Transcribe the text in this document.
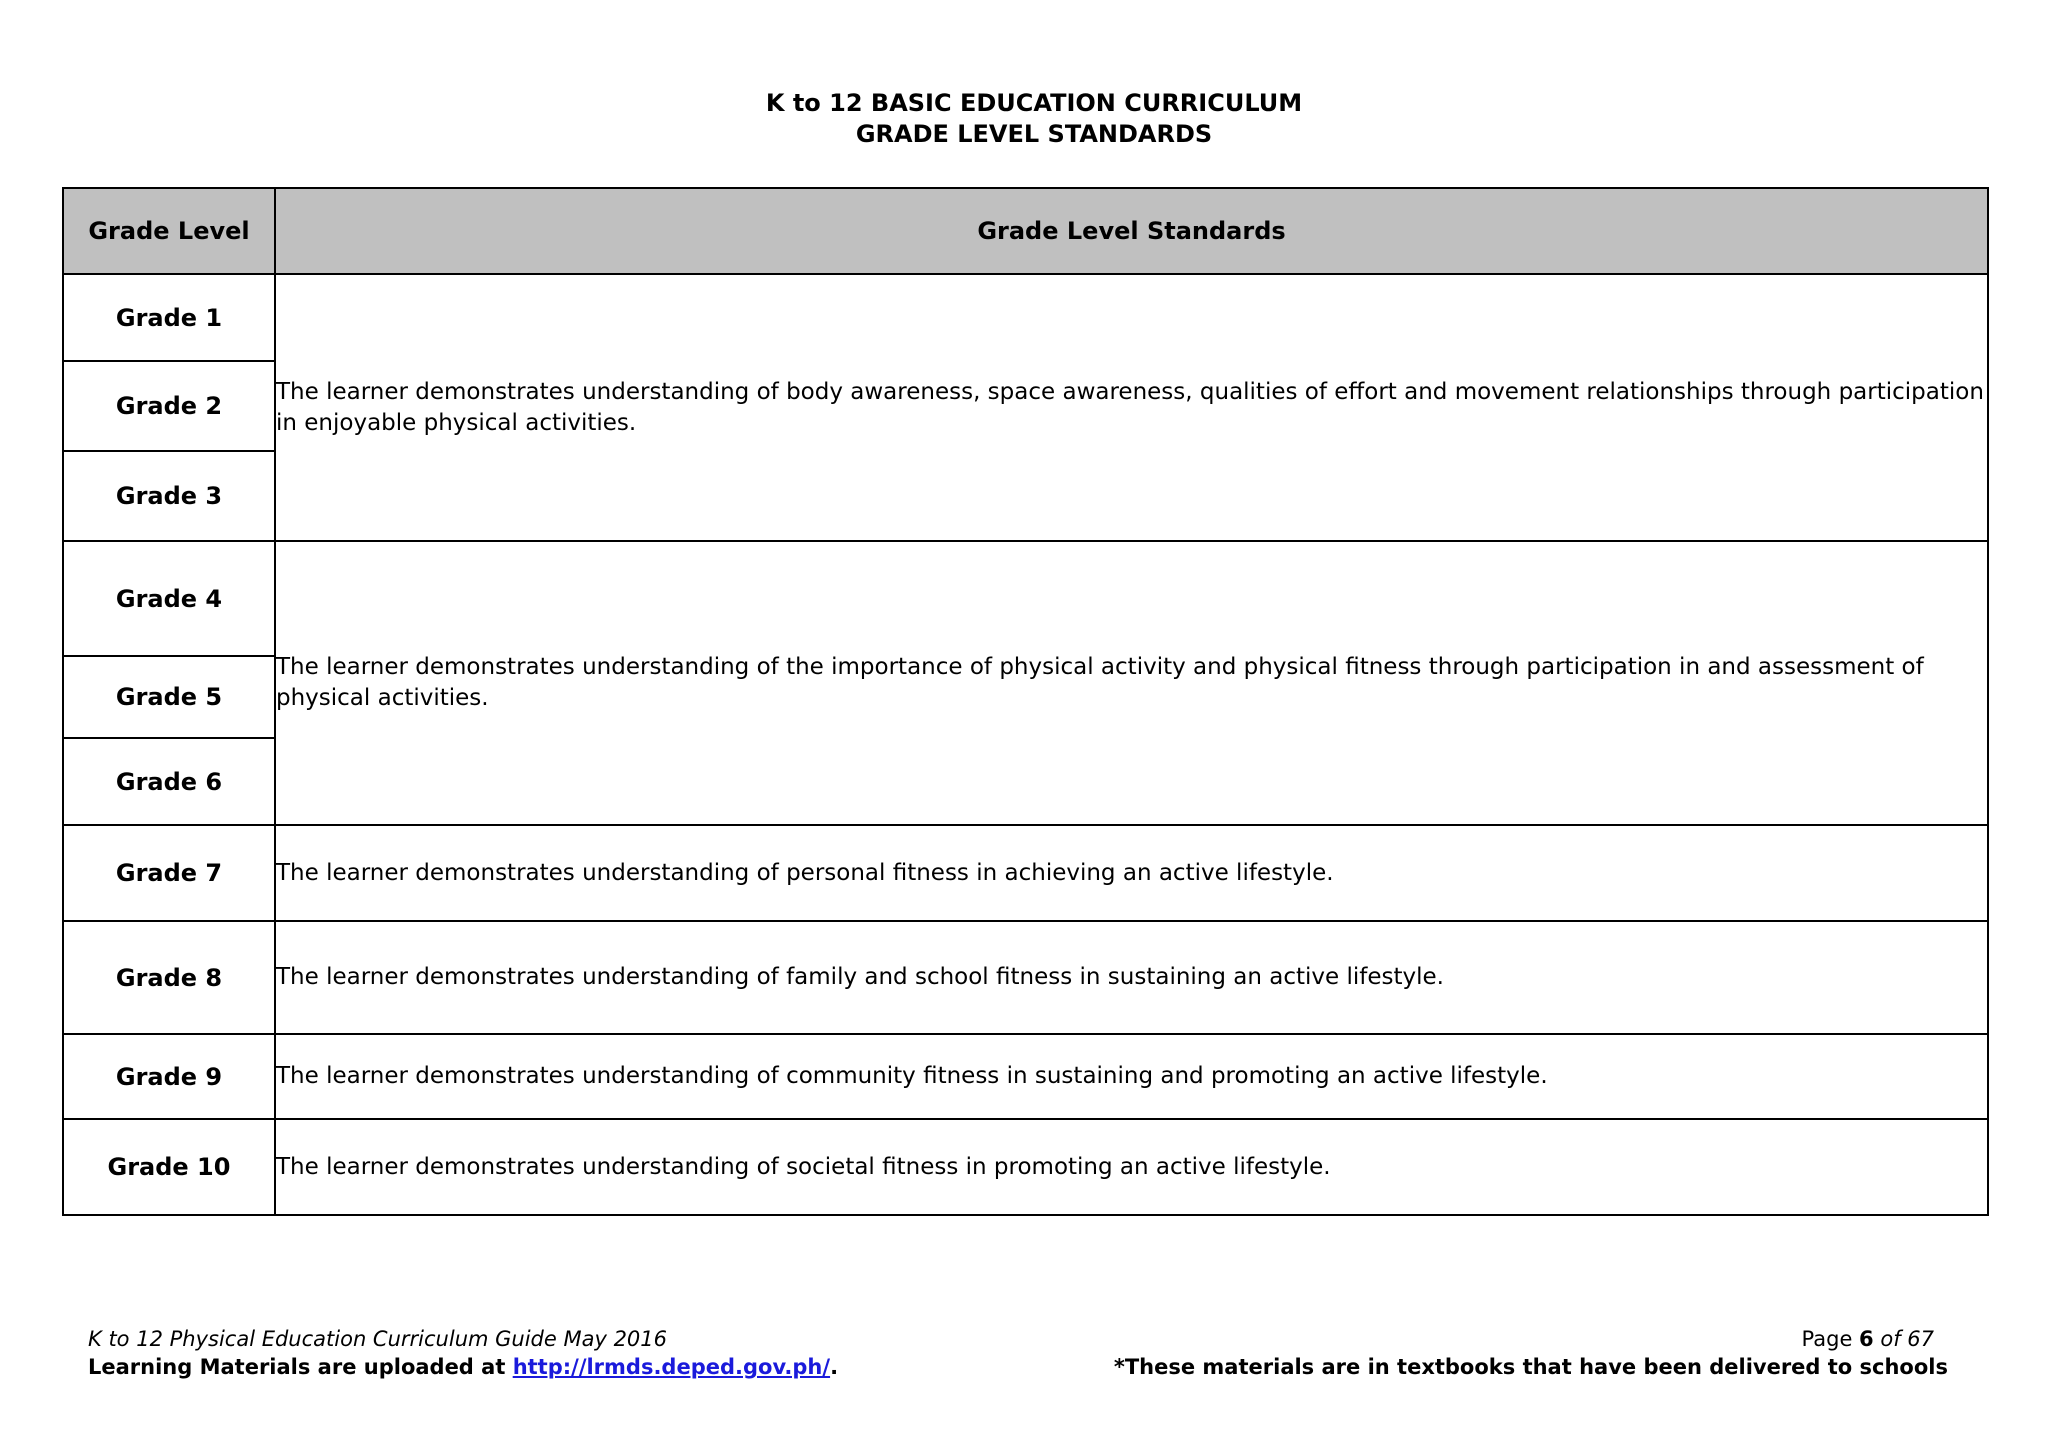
K to 12 BASIC EDUCATION CURRICULUM
GRADE LEVEL STANDARDS
Grade Level	Grade Level Standards
Grade 1	The learner demonstrates understanding of body awareness, space awareness, qualities of effort and movement relationships through participation in enjoyable physical activities.
Grade 2	
Grade 3	
Grade 4	The learner demonstrates understanding of the importance of physical activity and physical fitness through participation in and assessment of physical activities.
Grade 5	
Grade 6	
Grade 7	The learner demonstrates understanding of personal fitness in achieving an active lifestyle.
Grade 8	The learner demonstrates understanding of family and school fitness in sustaining an active lifestyle.
Grade 9	The learner demonstrates understanding of community fitness in sustaining and promoting an active lifestyle.
Grade 10	The learner demonstrates understanding of societal fitness in promoting an active lifestyle.
K to 12 Physical Education Curriculum Guide May 2016
Learning Materials are uploaded at http://lrmds.deped.gov.ph/.
Page 6 of 67
*These materials are in textbooks that have been delivered to schools
